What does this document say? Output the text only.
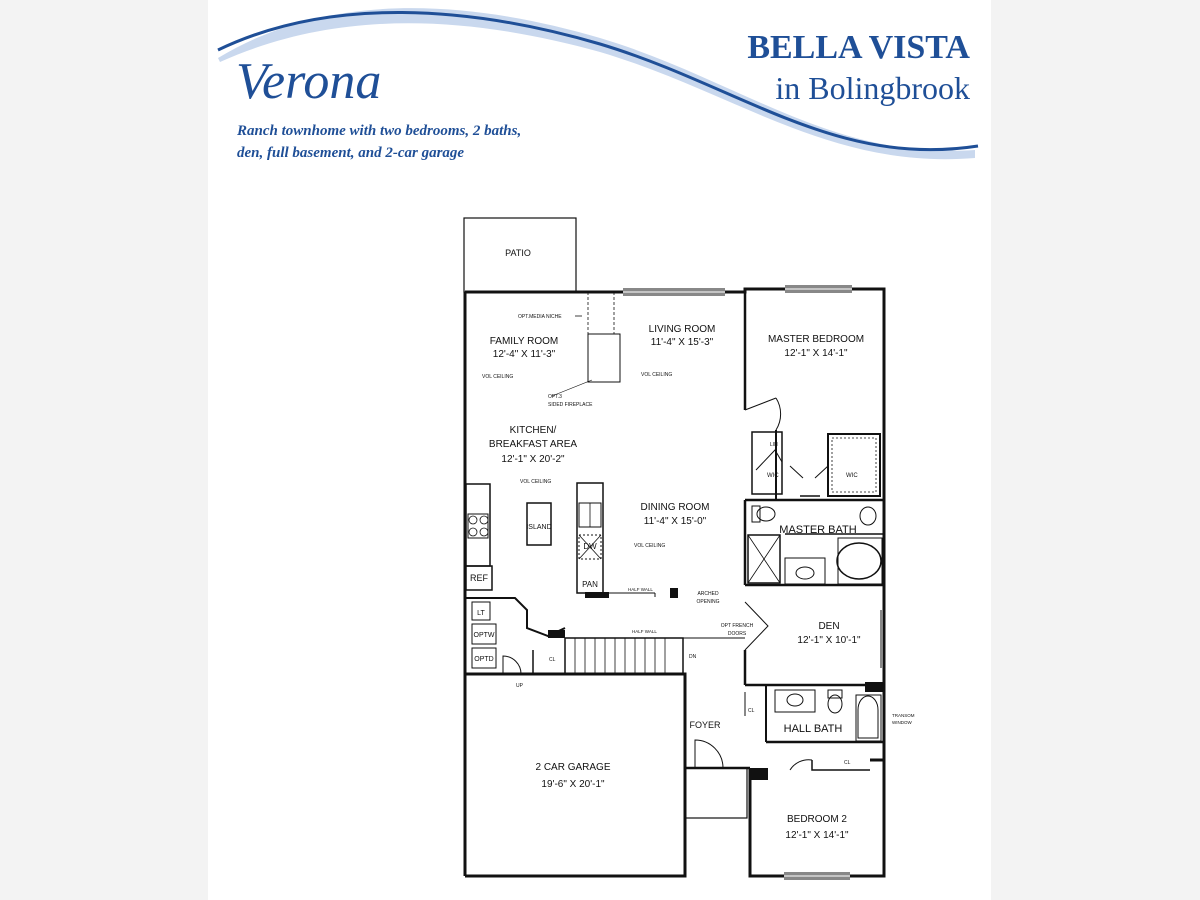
Verona
BELLA VISTA
in Bolingbrook
Ranch townhome with two bedrooms, 2 baths,
den, full basement, and 2-car garage
PATIO
FAMILY ROOM
12'-4" X 11'-3"
LIVING ROOM
11'-4" X 15'-3"	MASTER BEDROOM
12'-1" X 14'-1"
KITCHEN/
BREAKFAST AREA
12'-1" X 20'-2"
DINING ROOM
11'-4" X 15'-0"
MASTER BATH
DEN
12'-1" X 10'-1"
HALL BATH
2 CAR GARAGE
19'-6" X 20'-1"
FOYER
BEDROOM 2
12'-1" X 14'-1"
OPT.MEDIA NICHE
VOL CEILING	VOL CEILING
OPT.3
SIDED FIREPLACE
VOL CEILING
VOL CEILING
ISLAND
DW
PAN
REF
LT
OPTW
OPTD	CL
UP
LIN
WIC	WIC
HALF WALL
HALF WALL
ARCHED
OPENING
OPT FRENCH
DOORS
DN
CL
CL
TRANSOM
WINDOW
